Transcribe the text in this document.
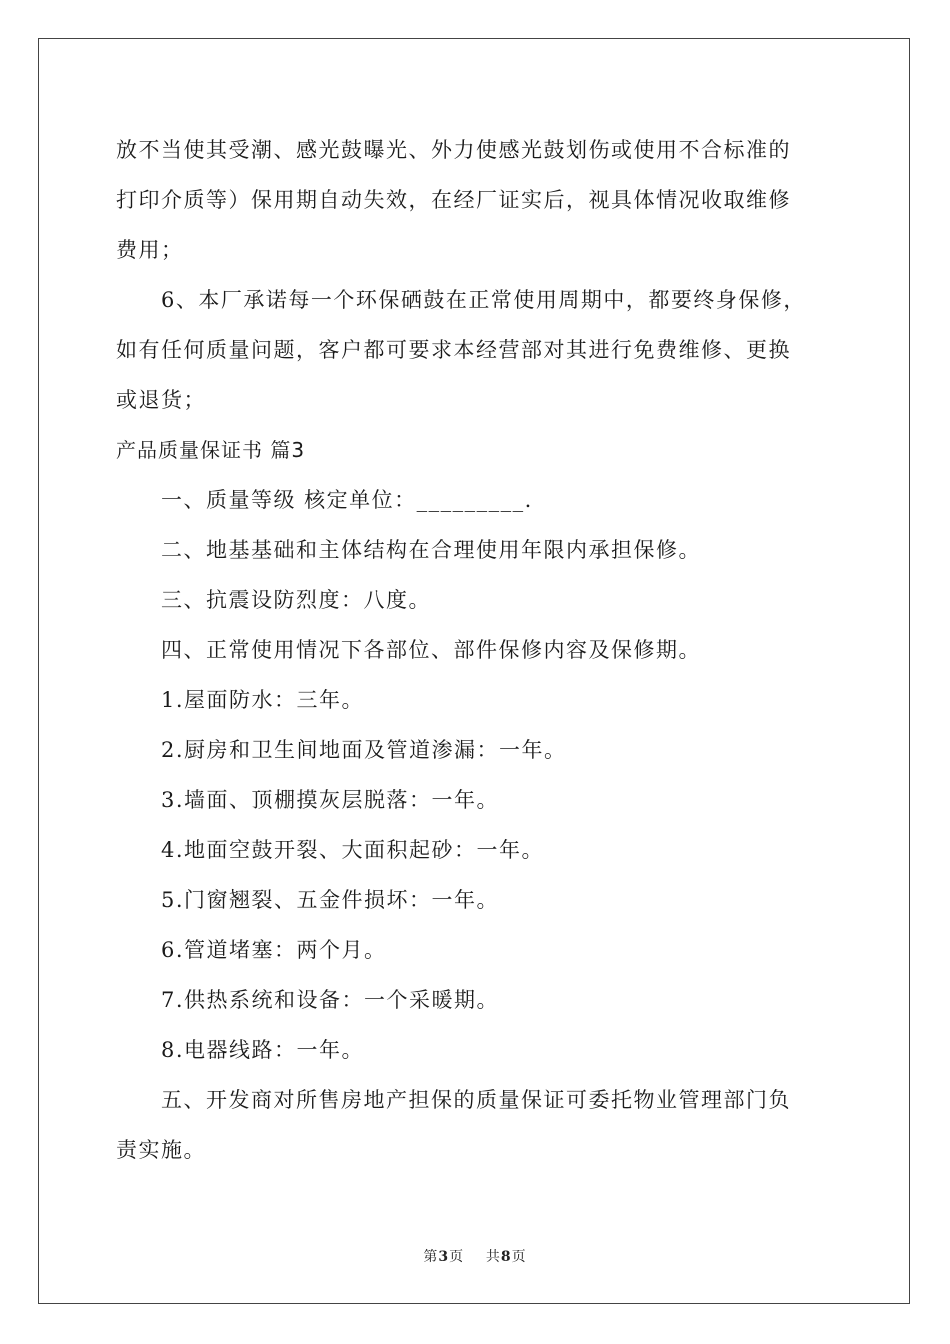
放不当使其受潮、感光鼓曝光、外力使感光鼓划伤或使用不合标准的

打印介质等）保用期自动失效，在经厂证实后，视具体情况收取维修

费用；

6、本厂承诺每一个环保硒鼓在正常使用周期中，都要终身保修，

如有任何质量问题，客户都可要求本经营部对其进行免费维修、更换

或退货；

产品质量保证书 篇3

一、质量等级 核定单位：_________.

二、地基基础和主体结构在合理使用年限内承担保修。

三、抗震设防烈度：八度。

四、正常使用情况下各部位、部件保修内容及保修期。

1.屋面防水：三年。

2.厨房和卫生间地面及管道渗漏：一年。

3.墙面、顶棚摸灰层脱落：一年。

4.地面空鼓开裂、大面积起砂：一年。

5.门窗翘裂、五金件损坏：一年。

6.管道堵塞：两个月。

7.供热系统和设备：一个采暖期。

8.电器线路：一年。

五、开发商对所售房地产担保的质量保证可委托物业管理部门负

责实施。

第3页 共8页
